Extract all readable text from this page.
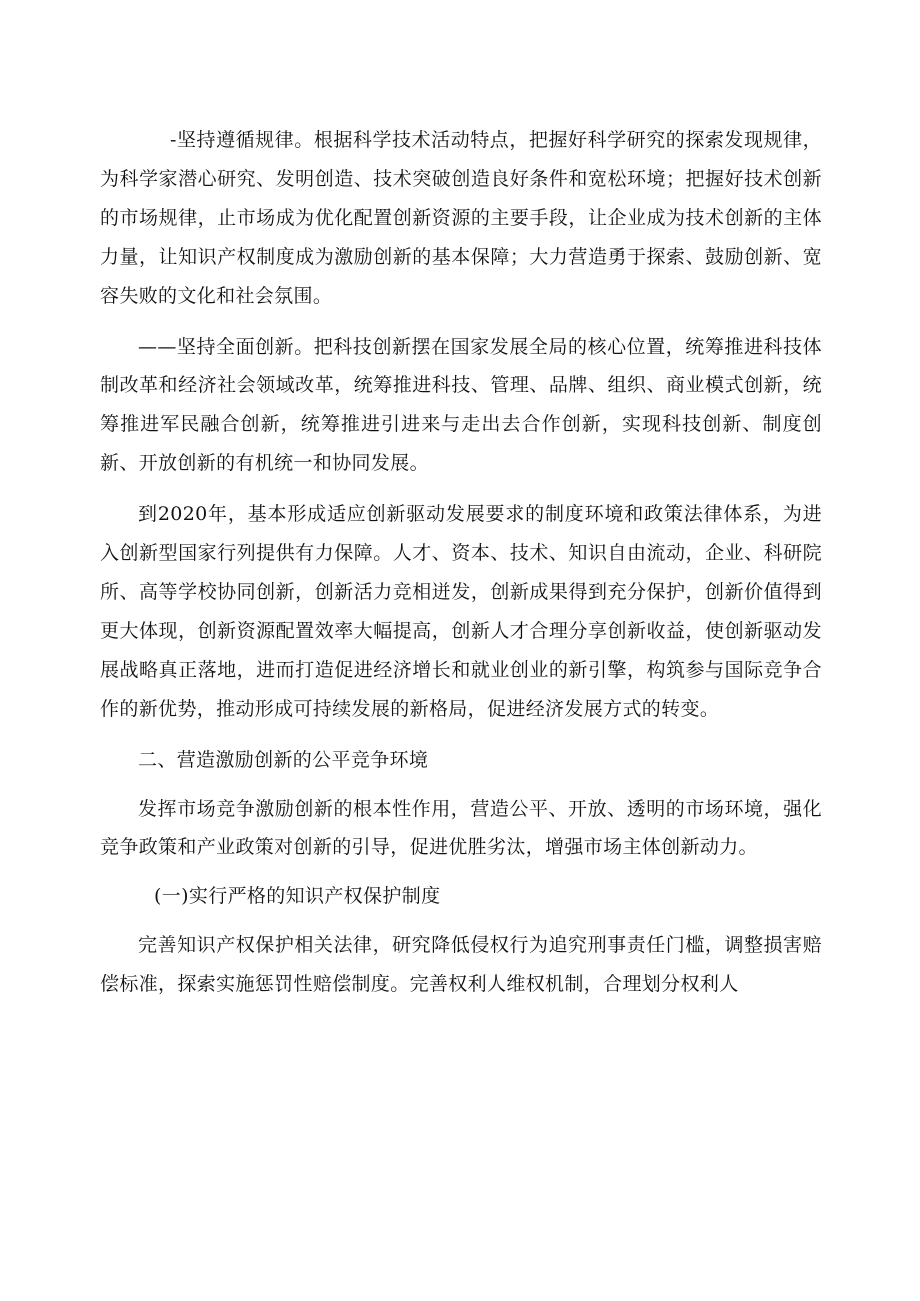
-坚持遵循规律。根据科学技术活动特点，把握好科学研究的探索发现规律，为科学家潜心研究、发明创造、技术突破创造良好条件和宽松环境；把握好技术创新的市场规律，止市场成为优化配置创新资源的主要手段，让企业成为技术创新的主体力量，让知识产权制度成为激励创新的基本保障；大力营造勇于探索、鼓励创新、宽容失败的文化和社会氛围。

——坚持全面创新。把科技创新摆在国家发展全局的核心位置，统筹推进科技体制改革和经济社会领域改革，统筹推进科技、管理、品牌、组织、商业模式创新，统筹推进军民融合创新，统筹推进引进来与走出去合作创新，实现科技创新、制度创新、开放创新的有机统一和协同发展。

到2020年，基本形成适应创新驱动发展要求的制度环境和政策法律体系，为进入创新型国家行列提供有力保障。人才、资本、技术、知识自由流动，企业、科研院所、高等学校协同创新，创新活力竞相迸发，创新成果得到充分保护，创新价值得到更大体现，创新资源配置效率大幅提高，创新人才合理分享创新收益，使创新驱动发展战略真正落地，进而打造促进经济增长和就业创业的新引擎，构筑参与国际竞争合作的新优势，推动形成可持续发展的新格局，促进经济发展方式的转变。

二、营造激励创新的公平竞争环境

发挥市场竞争激励创新的根本性作用，营造公平、开放、透明的市场环境，强化竞争政策和产业政策对创新的引导，促进优胜劣汰，增强市场主体创新动力。

(一)实行严格的知识产权保护制度

完善知识产权保护相关法律，研究降低侵权行为追究刑事责任门槛，调整损害赔偿标准，探索实施惩罚性赔偿制度。完善权利人维权机制，合理划分权利人
